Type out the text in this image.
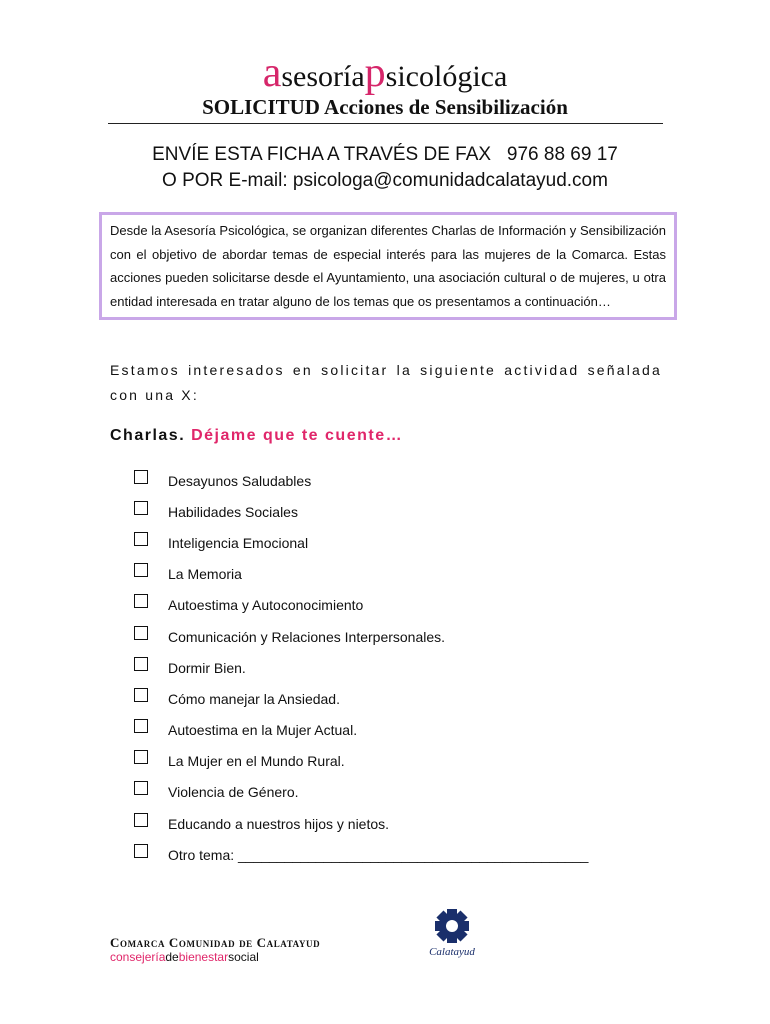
asesoríapsicológica
SOLICITUD Acciones de Sensibilización
ENVÍE ESTA FICHA A TRAVÉS DE FAX   976 88 69 17
O POR E-mail: psicologa@comunidadcalatayud.com
Desde la Asesoría Psicológica, se organizan diferentes Charlas de Información y Sensibilización con el objetivo de abordar temas de especial interés para las mujeres de la Comarca. Estas acciones pueden solicitarse desde el Ayuntamiento, una asociación cultural o de mujeres, u otra entidad interesada en tratar alguno de los temas que os presentamos a continuación…
Estamos interesados en solicitar la siguiente actividad señalada con una X:
Charlas. Déjame que te cuente…
Desayunos Saludables
Habilidades Sociales
Inteligencia Emocional
La Memoria
Autoestima y Autoconocimiento
Comunicación y Relaciones Interpersonales.
Dormir Bien.
Cómo manejar la Ansiedad.
Autoestima en la Mujer Actual.
La Mujer en el Mundo Rural.
Violencia de Género.
Educando a nuestros hijos y nietos.
Otro tema: _____________________________________________
Comarca Comunidad de Calatayud
consejeríadebienestarsocial	Calatayud
